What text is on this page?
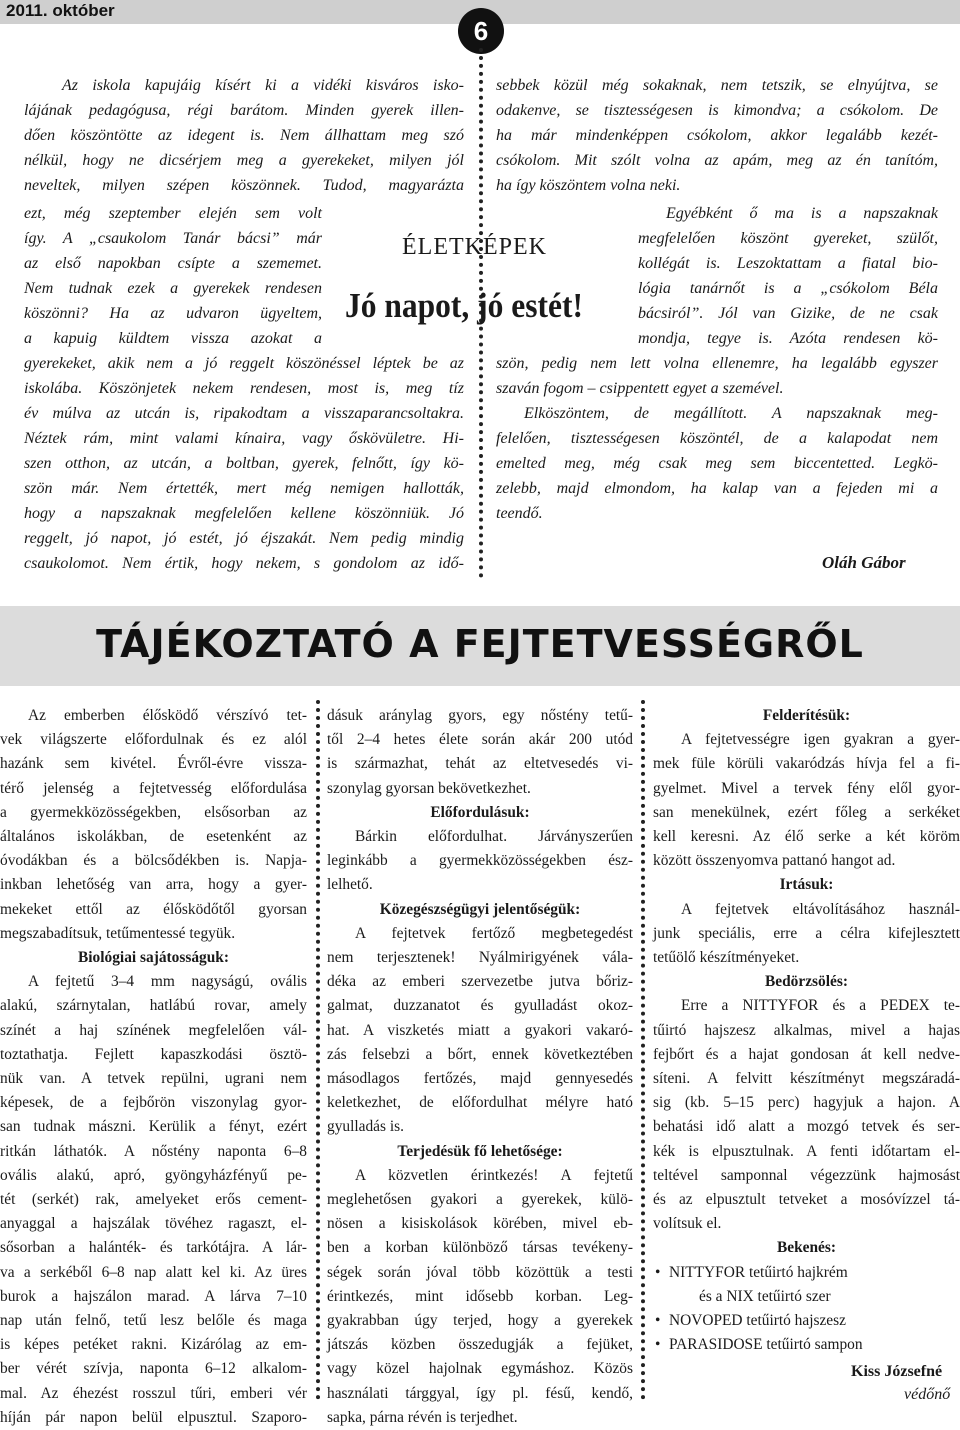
2011. október
6

Az iskola kapujáig kísért ki a vidéki kisváros isko-

lájának pedagógusa, régi barátom. Minden gyerek illen-

dően köszöntötte az idegent is. Nem állhattam meg szó

nélkül, hogy ne dicsérjem meg a gyerekeket, milyen jól

neveltek, milyen szépen köszönnek. Tudod, magyarázta

ezt, még szeptember elején sem volt

így. A „csaukolom Tanár bácsi” már

az első napokban csípte a szememet.

Nem tudnak ezek a gyerekek rendesen

köszönni? Ha az udvaron ügyeltem,

a kapuig küldtem vissza azokat a

gyerekeket, akik nem a jó reggelt köszönéssel léptek be az

iskolába. Köszönjetek nekem rendesen, most is, meg tíz

év múlva az utcán is, ripakodtam a visszaparancsoltakra.

Néztek rám, mint valami kínaira, vagy őskövületre. Hi-

szen otthon, az utcán, a boltban, gyerek, felnőtt, így kö-

szön már. Nem értették, mert még nemigen hallották,

hogy a napszaknak megfelelően kellene köszönniük. Jó

reggelt, jó napot, jó estét, jó éjszakát. Nem pedig mindig

csaukolomot. Nem értik, hogy nekem, s gondolom az idő-

ÉLETKÉPEK
Jó napot, jó estét!

sebbek közül még sokaknak, nem tetszik, se elnyújtva, se

odakenve, se tisztességesen is kimondva; a csókolom. De

ha már mindenképpen csókolom, akkor legalább kezét-

csókolom. Mit szólt volna az apám, meg az én tanítóm,

ha így köszöntem volna neki.

Egyébként ő ma is a napszaknak

megfelelően köszönt gyereket, szülőt,

kollégát is. Leszoktattam a fiatal bio-

lógia tanárnőt is a „csókolom Béla

bácsiról”. Jól van Gizike, de ne csak

mondja, tegye is. Azóta rendesen kö-

szön, pedig nem lett volna ellenemre, ha legalább egyszer

szaván fogom – csippentett egyet a szemével.

Elköszöntem, de megállított. A napszaknak meg-

felelően, tisztességesen köszöntél, de a kalapodat nem

emelted meg, még csak meg sem biccentetted. Legkö-

zelebb, majd elmondom, ha kalap van a fejeden mi a

teendő.

Oláh Gábor
TÁJÉKOZTATÓ A FEJTETVESSÉGRŐL

Az emberben élősködő vérszívó tet-

vek világszerte előfordulnak és ez alól

hazánk sem kivétel. Évről-évre vissza-

térő jelenség a fejtetvesség előfordulása

a gyermekközösségekben, elsősorban az

általános iskolákban, de esetenként az

óvodákban és a bölcsődékben is. Napja-

inkban lehetőség van arra, hogy a gyer-

mekeket ettől az élősködőtől gyorsan

megszabadítsuk, tetűmentessé tegyük.

Biológiai sajátosságuk:

A fejtetű 3–4 mm nagyságú, ovális

alakú, szárnytalan, hatlábú rovar, amely

színét a haj színének megfelelően vál-

toztathatja. Fejlett kapaszkodási ösztö-

nük van. A tetvek repülni, ugrani nem

képesek, de a fejbőrön viszonylag gyor-

san tudnak mászni. Kerülik a fényt, ezért

ritkán láthatók. A nőstény naponta 6–8

ovális alakú, apró, gyöngyházfényű pe-

tét (serkét) rak, amelyeket erős cement-

anyaggal a hajszálak tövéhez ragaszt, el-

sősorban a halánték- és tarkótájra. A lár-

va a serkéből 6–8 nap alatt kel ki. Az üres

burok a hajszálon marad. A lárva 7–10

nap után felnő, tetű lesz belőle és maga

is képes petéket rakni. Kizárólag az em-

ber vérét szívja, naponta 6–12 alkalom-

mal. Az éhezést rosszul tűri, emberi vér

híján pár napon belül elpusztul. Szaporo-

dásuk aránylag gyors, egy nőstény tetű-

től 2–4 hetes élete során akár 200 utód

is származhat, tehát az eltetvesedés vi-

szonylag gyorsan bekövetkezhet.

Előfordulásuk:

Bárkin előfordulhat. Járványszerűen

leginkább a gyermekközösségekben ész-

lelhető.

Közegészségügyi jelentőségük:

A fejtetvek fertőző megbetegedést

nem terjesztenek! Nyálmirigyének vála-

déka az emberi szervezetbe jutva bőriz-

galmat, duzzanatot és gyulladást okoz-

hat. A viszketés miatt a gyakori vakaró-

zás felsebzi a bőrt, ennek következtében

másodlagos fertőzés, majd gennyesedés

keletkezhet, de előfordulhat mélyre ható

gyulladás is.

Terjedésük fő lehetősége:

A közvetlen érintkezés! A fejtetű

meglehetősen gyakori a gyerekek, külö-

nösen a kisiskolások körében, mivel eb-

ben a korban különböző társas tevékeny-

ségek során jóval több közöttük a testi

érintkezés, mint idősebb korban. Leg-

gyakrabban úgy terjed, hogy a gyerekek

játszás közben összedugják a fejüket,

vagy közel hajolnak egymáshoz. Közös

használati tárggyal, így pl. fésű, kendő,

sapka, párna révén is terjedhet.

Felderítésük:

A fejtetvességre igen gyakran a gyer-

mek füle körüli vakaródzás hívja fel a fi-

gyelmet. Mivel a tervek fény elől gyor-

san menekülnek, ezért főleg a serkéket

kell keresni. Az élő serke a két köröm

között összenyomva pattanó hangot ad.

Irtásuk:

A fejtetvek eltávolításához használ-

junk speciális, erre a célra kifejlesztett

tetűölő készítményeket.

Bedörzsölés:

Erre a NITTYFOR és a PEDEX te-

tűirtó hajszesz alkalmas, mivel a hajas

fejbőrt és a hajat gondosan át kell nedve-

síteni. A felvitt készítményt megszáradá-

sig (kb. 5–15 perc) hagyjuk a hajon. A

behatási idő alatt a mozgó tetvek és ser-

kék is elpusztulnak. A fenti időtartam el-

teltével samponnal végezzünk hajmosást

és az elpusztult tetveket a mosóvízzel tá-

volítsuk el.

Bekenés:

• NITTYFOR tetűirtó hajkrém
és a NIX tetűirtó szer
• NOVOPED tetűirtó hajszesz
• PARASIDOSE tetűirtó sampon
Kiss Józsefné
védőnő
